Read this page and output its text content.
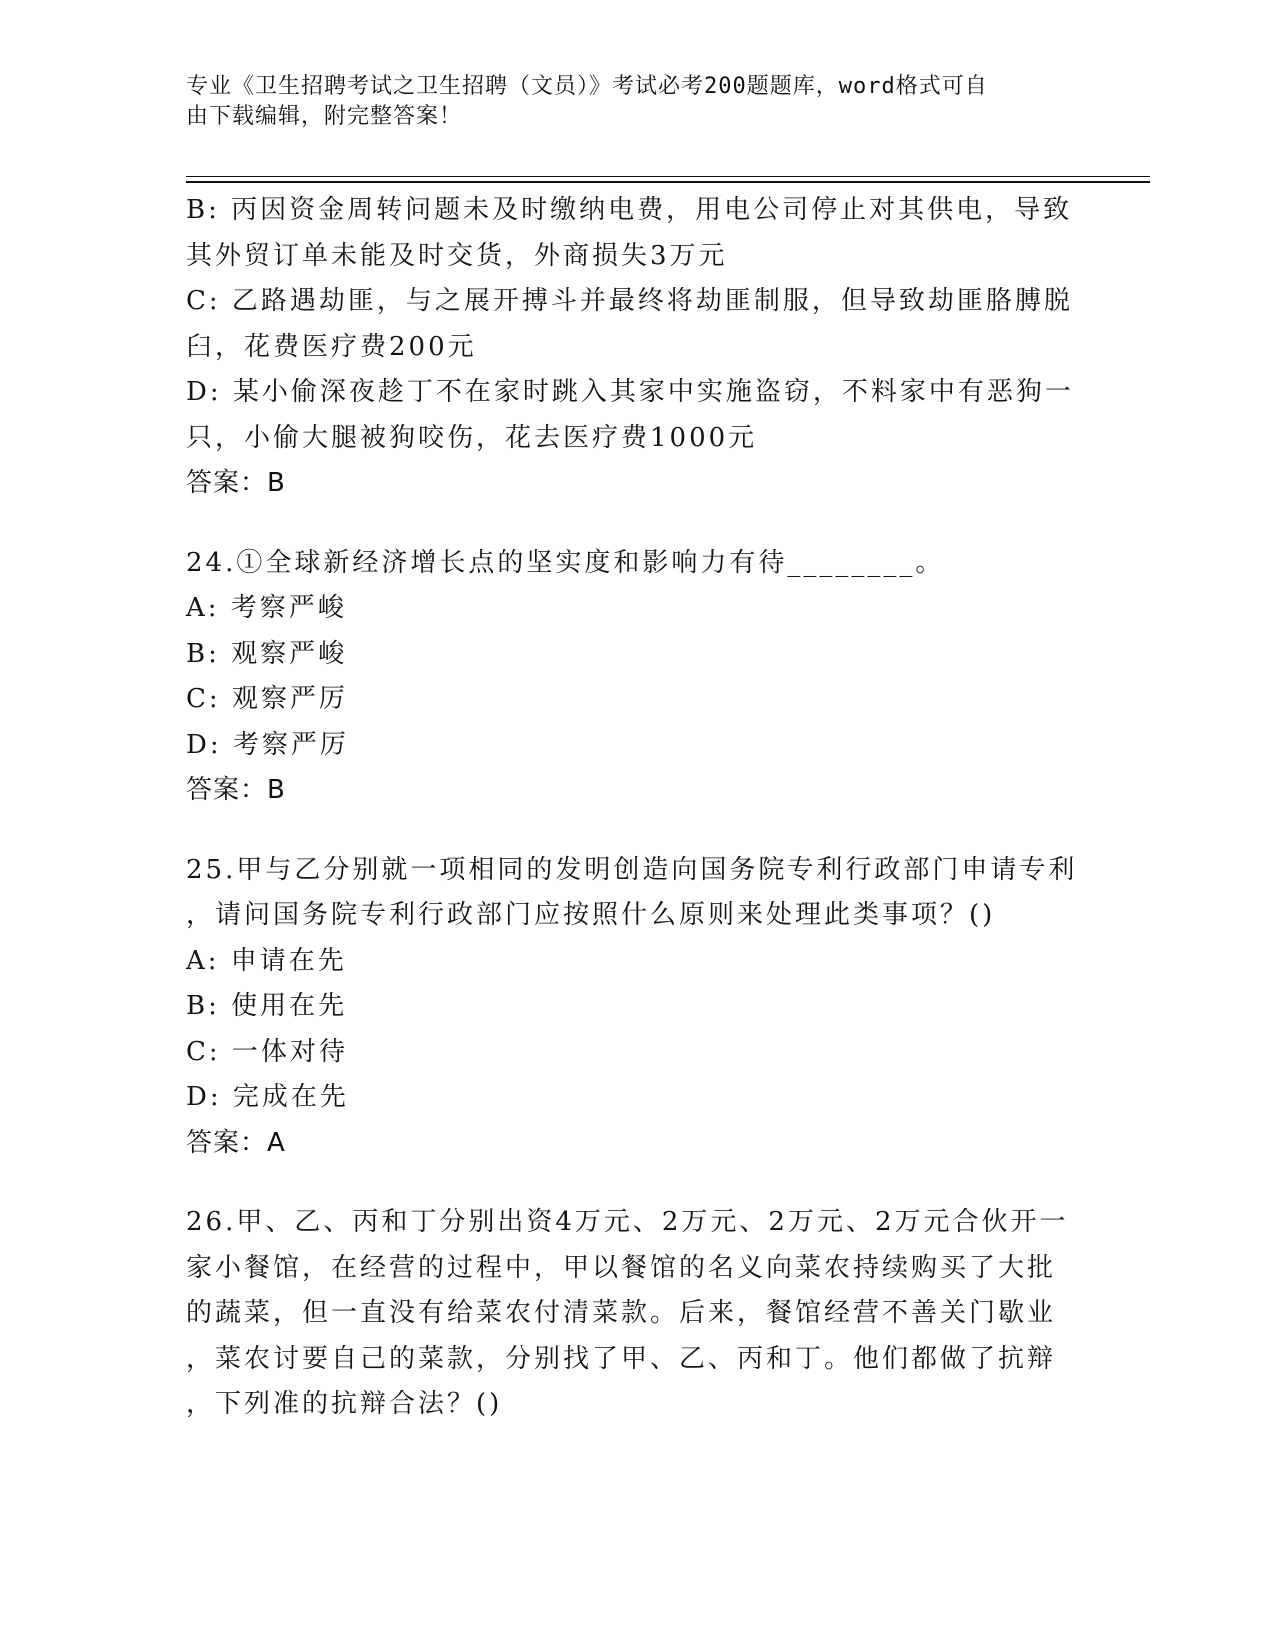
专业《卫生招聘考试之卫生招聘（文员）》考试必考200题题库，word格式可自
由下载编辑，附完整答案！
B: 丙因资金周转问题未及时缴纳电费，用电公司停止对其供电，导致
其外贸订单未能及时交货，外商损失3万元
C: 乙路遇劫匪，与之展开搏斗并最终将劫匪制服，但导致劫匪胳膊脱
臼，花费医疗费200元
D: 某小偷深夜趁丁不在家时跳入其家中实施盗窃，不料家中有恶狗一
只，小偷大腿被狗咬伤，花去医疗费1000元
答案：B
24.①全球新经济增长点的坚实度和影响力有待________。
A: 考察严峻
B: 观察严峻
C: 观察严厉
D: 考察严厉
答案：B
25.甲与乙分别就一项相同的发明创造向国务院专利行政部门申请专利
，请问国务院专利行政部门应按照什么原则来处理此类事项？()
A: 申请在先
B: 使用在先
C: 一体对待
D: 完成在先
答案：A
26.甲、乙、丙和丁分别出资4万元、2万元、2万元、2万元合伙开一
家小餐馆，在经营的过程中，甲以餐馆的名义向菜农持续购买了大批
的蔬菜，但一直没有给菜农付清菜款。后来，餐馆经营不善关门歇业
，菜农讨要自己的菜款，分别找了甲、乙、丙和丁。他们都做了抗辩
，下列准的抗辩合法？()
